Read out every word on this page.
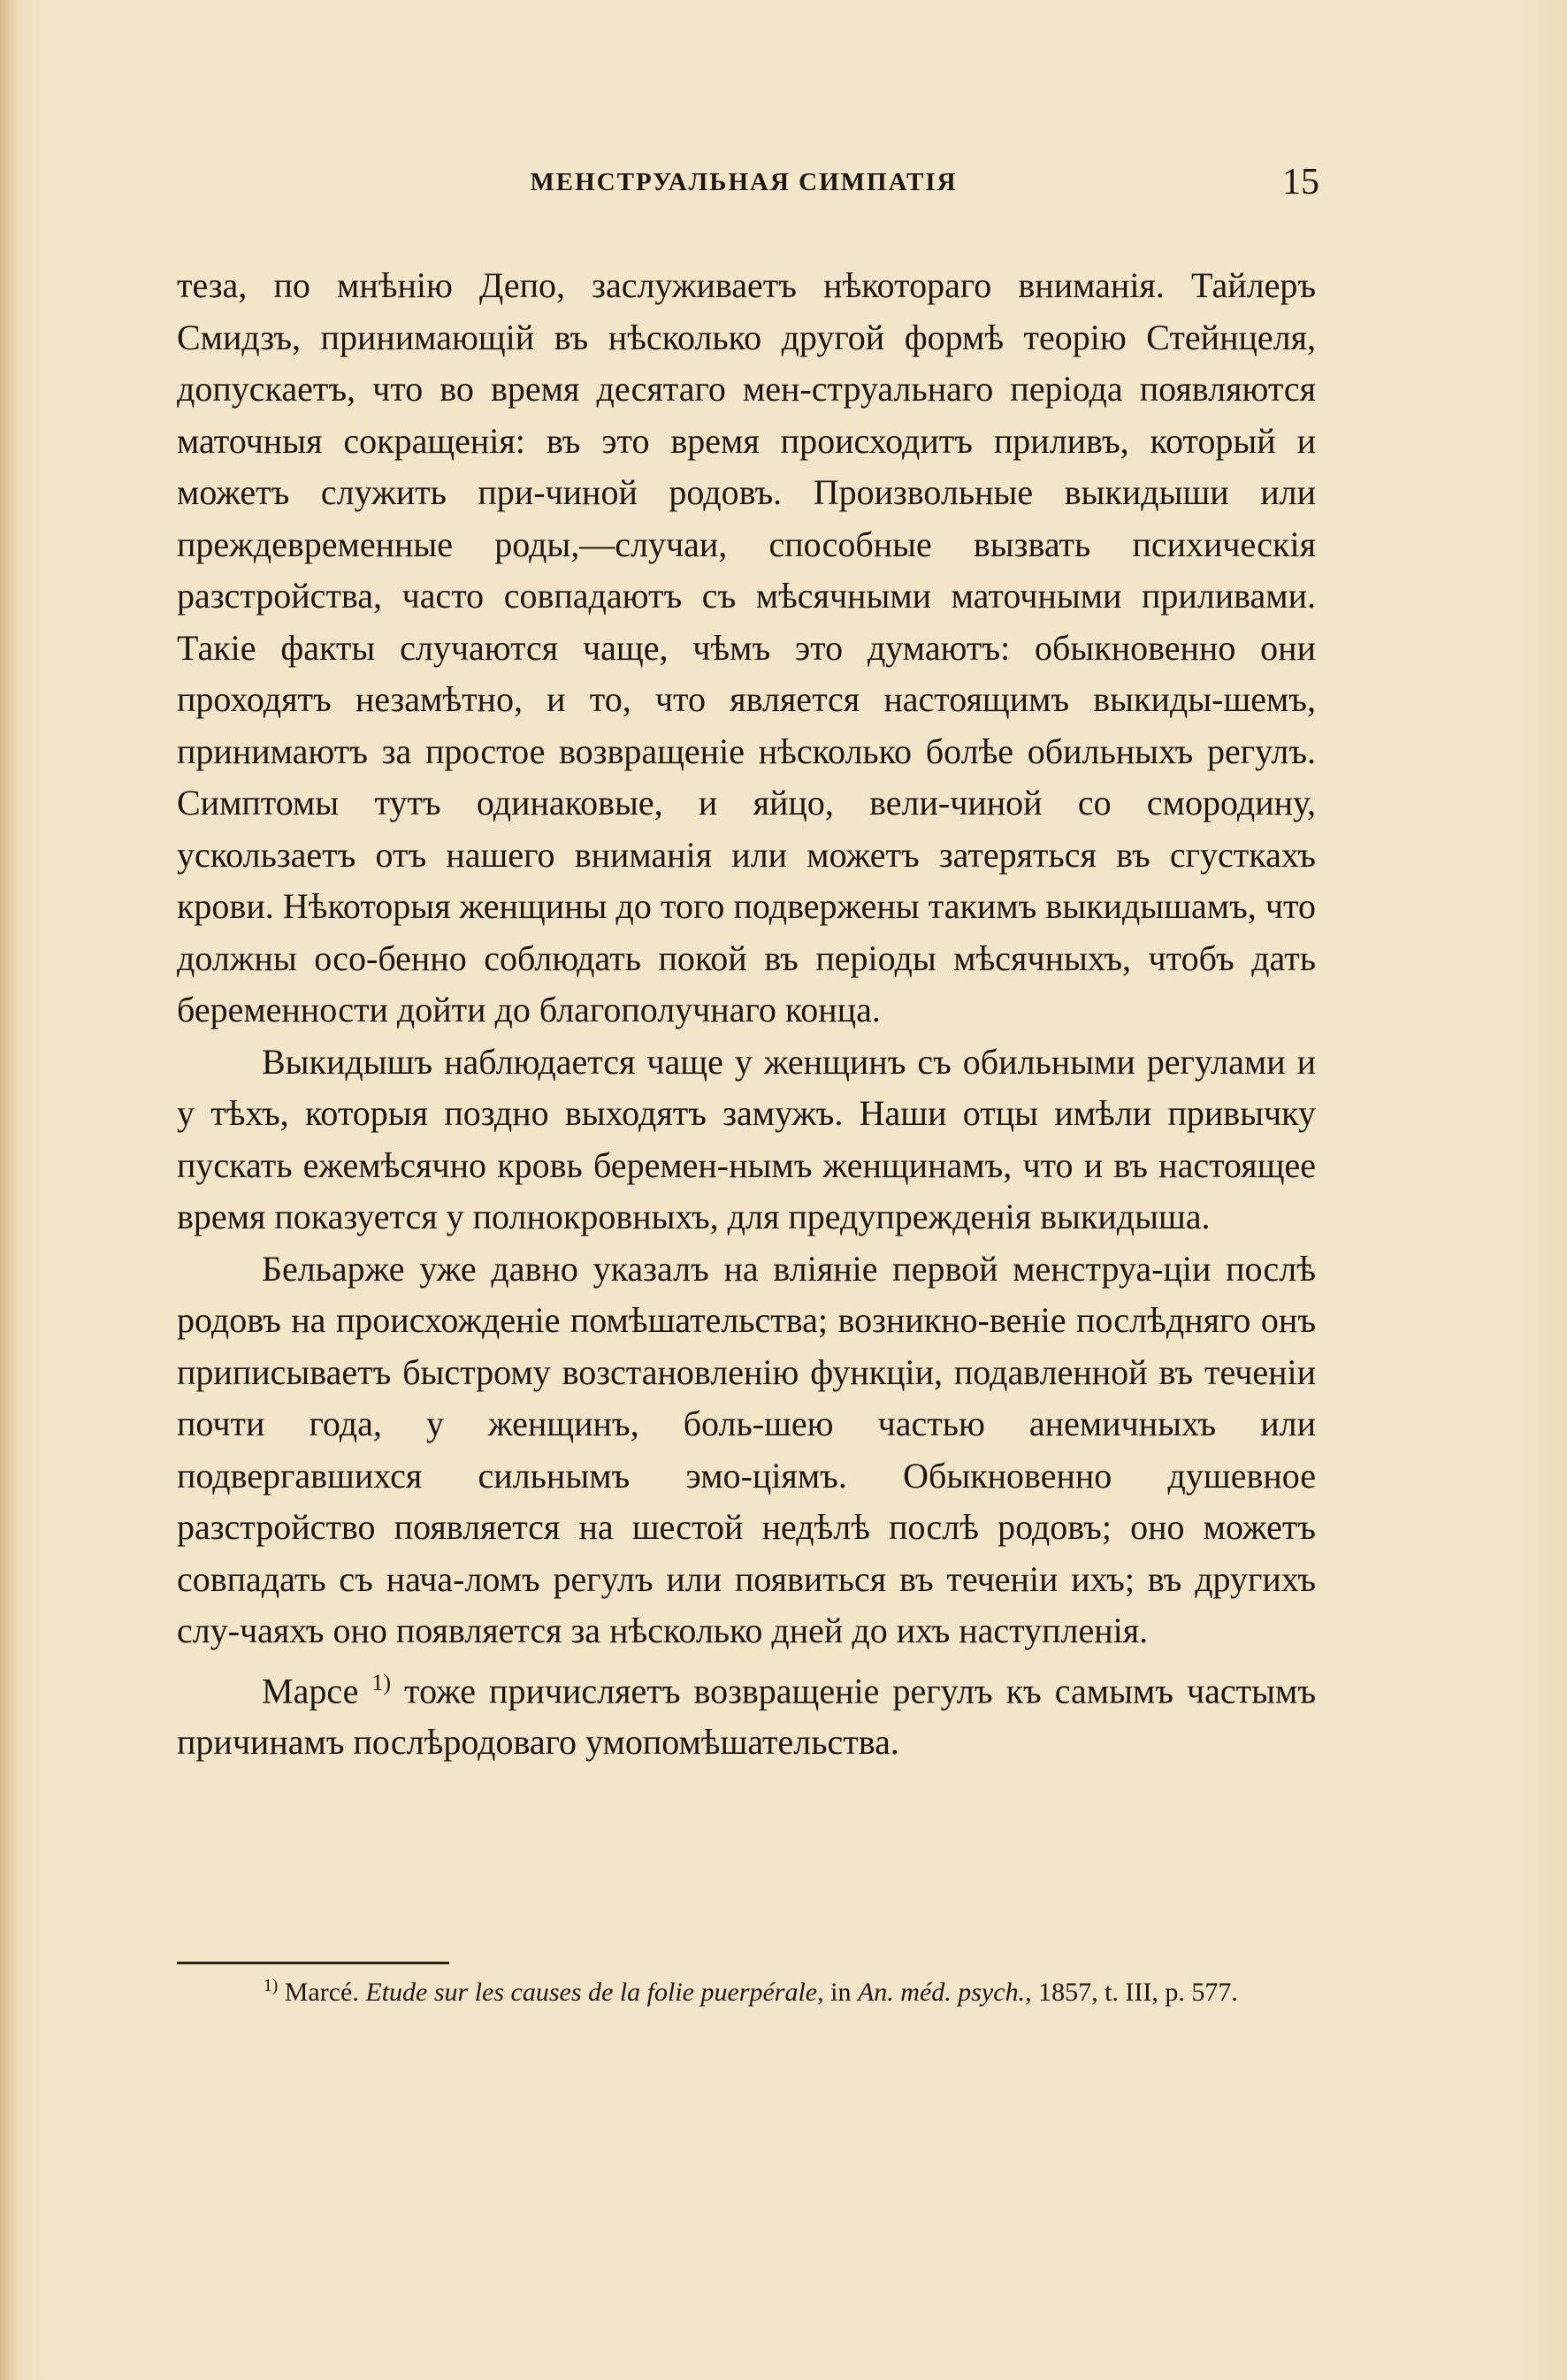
МЕНСТРУАЛЬНАЯ СИМПАТІЯ	15

теза, по мнѣнію Депо, заслуживаетъ нѣкотораго вниманія. Тайлеръ Смидзъ, принимающій въ нѣсколько другой формѣ теорію Стейнцеля, допускаетъ, что во время десятаго мен-струальнаго періода появляются маточныя сокращенія: въ это время происходитъ приливъ, который и можетъ служить при-чиной родовъ. Произвольные выкидыши или преждевременные роды,—случаи, способные вызвать психическія разстройства, часто совпадаютъ съ мѣсячными маточными приливами. Такіе факты случаются чаще, чѣмъ это думаютъ: обыкновенно они проходятъ незамѣтно, и то, что является настоящимъ выкиды-шемъ, принимаютъ за простое возвращеніе нѣсколько болѣе обильныхъ регулъ. Симптомы тутъ одинаковые, и яйцо, вели-чиной со смородину, ускользаетъ отъ нашего вниманія или можетъ затеряться въ сгусткахъ крови. Нѣкоторыя женщины до того подвержены такимъ выкидышамъ, что должны осо-бенно соблюдать покой въ періоды мѣсячныхъ, чтобъ дать беременности дойти до благополучнаго конца.

Выкидышъ наблюдается чаще у женщинъ съ обильными регулами и у тѣхъ, которыя поздно выходятъ замужъ. Наши отцы имѣли привычку пускать ежемѣсячно кровь беремен-нымъ женщинамъ, что и въ настоящее время показуется у полнокровныхъ, для предупрежденія выкидыша.

Бельарже уже давно указалъ на вліяніе первой менструа-ціи послѣ родовъ на происхожденіе помѣшательства; возникно-веніе послѣдняго онъ приписываетъ быстрому возстановленію функціи, подавленной въ теченіи почти года, у женщинъ, боль-шею частью анемичныхъ или подвергавшихся сильнымъ эмо-ціямъ. Обыкновенно душевное разстройство появляется на шестой недѣлѣ послѣ родовъ; оно можетъ совпадать съ нача-ломъ регулъ или появиться въ теченіи ихъ; въ другихъ слу-чаяхъ оно появляется за нѣсколько дней до ихъ наступленія.

Марсе $^{1)}$ тоже причисляетъ возвращеніе регулъ къ самымъ частымъ причинамъ послѣродоваго умопомѣшательства.

$^{1)}$ Marcé. Etude sur les causes de la folie puerpérale, in An. méd. psych., 1857, t. III, p. 577.
